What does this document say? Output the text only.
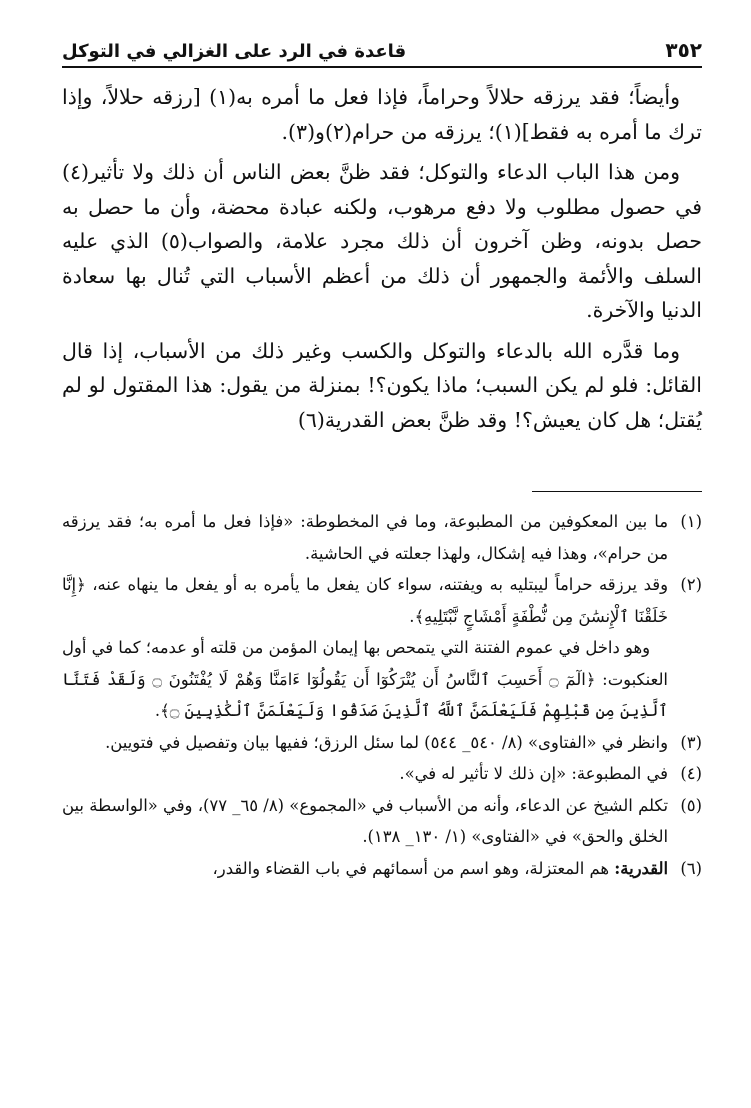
٣٥٢
قاعدة في الرد على الغزالي في التوكل

وأيضاً؛ فقد يرزقه حلالاً وحراماً، فإذا فعل ما أمره به(١) [رزقه حلالاً، وإذا ترك ما أمره به فقط](١)؛ يرزقه من حرام(٢)و(٣).

ومن هذا الباب الدعاء والتوكل؛ فقد ظنَّ بعض الناس أن ذلك ولا تأثير(٤) في حصول مطلوب ولا دفع مرهوب، ولكنه عبادة محضة، وأن ما حصل به حصل بدونه، وظن آخرون أن ذلك مجرد علامة، والصواب(٥) الذي عليه السلف والأئمة والجمهور أن ذلك من أعظم الأسباب التي تُنال بها سعادة الدنيا والآخرة.

وما قدَّره الله بالدعاء والتوكل والكسب وغير ذلك من الأسباب، إذا قال القائل: فلو لم يكن السبب؛ ماذا يكون؟! بمنزلة من يقول: هذا المقتول لو لم يُقتل؛ هل كان يعيش؟! وقد ظنَّ بعض القدرية(٦)

(١)
ما بين المعكوفين من المطبوعة، وما في المخطوطة: «فإذا فعل ما أمره به؛ فقد يرزقه من حرام»، وهذا فيه إشكال، ولهذا جعلته في الحاشية.
(٢)
وقد يرزقه حراماً ليبتليه به ويفتنه، سواء كان يفعل ما يأمره به أو يفعل ما ينهاه عنه، ﴿إِنَّا خَلَقْنَا ٱلْإِنسَٰنَ مِن نُّطْفَةٍ أَمْشَاجٍ نَّبْتَلِيهِ﴾.
وهو داخل في عموم الفتنة التي يتمحص بها إيمان المؤمن من قلته أو عدمه؛ كما في أول العنكبوت: ﴿الٓمٓ ۝ أَحَسِبَ ٱلنَّاسُ أَن يُتْرَكُوٓا أَن يَقُولُوٓا ءَامَنَّا وَهُمْ لَا يُفْتَنُونَ ۝ وَلَقَدْ فَتَنَّا ٱلَّذِينَ مِن قَبْلِهِمْ فَلَيَعْلَمَنَّ ٱللَّهُ ٱلَّذِينَ صَدَقُوا وَلَيَعْلَمَنَّ ٱلْكَٰذِبِينَ ۝﴾.
(٣)
وانظر في «الفتاوى» (٨/ ٥٤٠_ ٥٤٤) لما سئل الرزق؛ ففيها بيان وتفصيل في فتويين.
(٤)
في المطبوعة: «إن ذلك لا تأثير له في».
(٥)
تكلم الشيخ عن الدعاء، وأنه من الأسباب في «المجموع» (٨/ ٦٥_ ٧٧)، وفي «الواسطة بين الخلق والحق» في «الفتاوى» (١/ ١٣٠_ ١٣٨).
(٦)
القدرية: هم المعتزلة، وهو اسم من أسمائهم في باب القضاء والقدر،
